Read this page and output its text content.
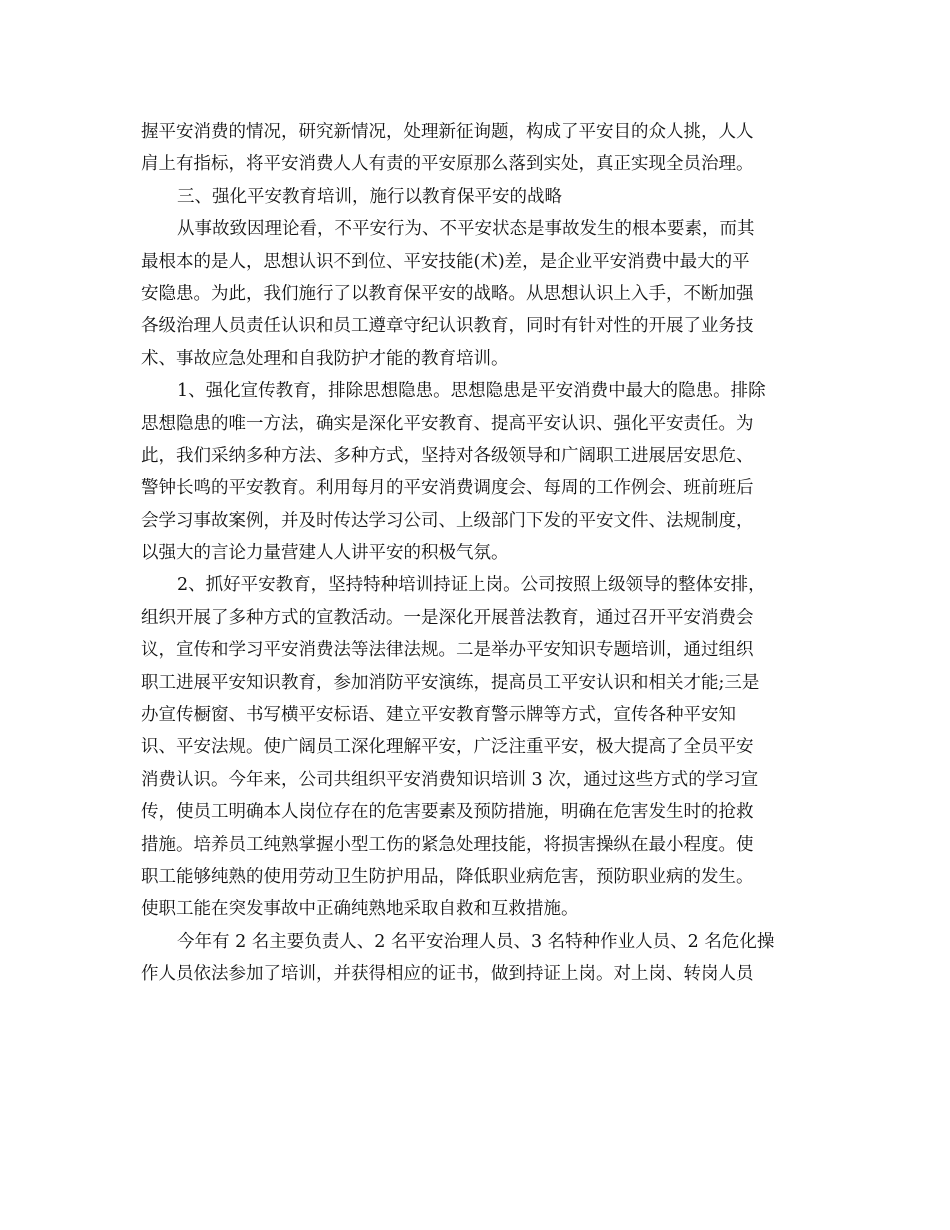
握平安消费的情况，研究新情况，处理新征询题，构成了平安目的众人挑，人人
肩上有指标，将平安消费人人有责的平安原那么落到实处，真正实现全员治理。
三、强化平安教育培训，施行以教育保平安的战略
从事故致因理论看，不平安行为、不平安状态是事故发生的根本要素，而其
最根本的是人，思想认识不到位、平安技能(术)差，是企业平安消费中最大的平
安隐患。为此，我们施行了以教育保平安的战略。从思想认识上入手，不断加强
各级治理人员责任认识和员工遵章守纪认识教育，同时有针对性的开展了业务技
术、事故应急处理和自我防护才能的教育培训。
1、强化宣传教育，排除思想隐患。思想隐患是平安消费中最大的隐患。排除
思想隐患的唯一方法，确实是深化平安教育、提高平安认识、强化平安责任。为
此，我们采纳多种方法、多种方式，坚持对各级领导和广阔职工进展居安思危、
警钟长鸣的平安教育。利用每月的平安消费调度会、每周的工作例会、班前班后
会学习事故案例，并及时传达学习公司、上级部门下发的平安文件、法规制度，
以强大的言论力量营建人人讲平安的积极气氛。
2、抓好平安教育，坚持特种培训持证上岗。公司按照上级领导的整体安排，
组织开展了多种方式的宣教活动。一是深化开展普法教育，通过召开平安消费会
议，宣传和学习平安消费法等法律法规。二是举办平安知识专题培训，通过组织
职工进展平安知识教育，参加消防平安演练，提高员工平安认识和相关才能;三是
办宣传橱窗、书写横平安标语、建立平安教育警示牌等方式，宣传各种平安知
识、平安法规。使广阔员工深化理解平安，广泛注重平安，极大提高了全员平安
消费认识。今年来，公司共组织平安消费知识培训 3 次，通过这些方式的学习宣
传，使员工明确本人岗位存在的危害要素及预防措施，明确在危害发生时的抢救
措施。培养员工纯熟掌握小型工伤的紧急处理技能，将损害操纵在最小程度。使
职工能够纯熟的使用劳动卫生防护用品，降低职业病危害，预防职业病的发生。
使职工能在突发事故中正确纯熟地采取自救和互救措施。
今年有 2 名主要负责人、2 名平安治理人员、3 名特种作业人员、2 名危化操
作人员依法参加了培训，并获得相应的证书，做到持证上岗。对上岗、转岗人员
